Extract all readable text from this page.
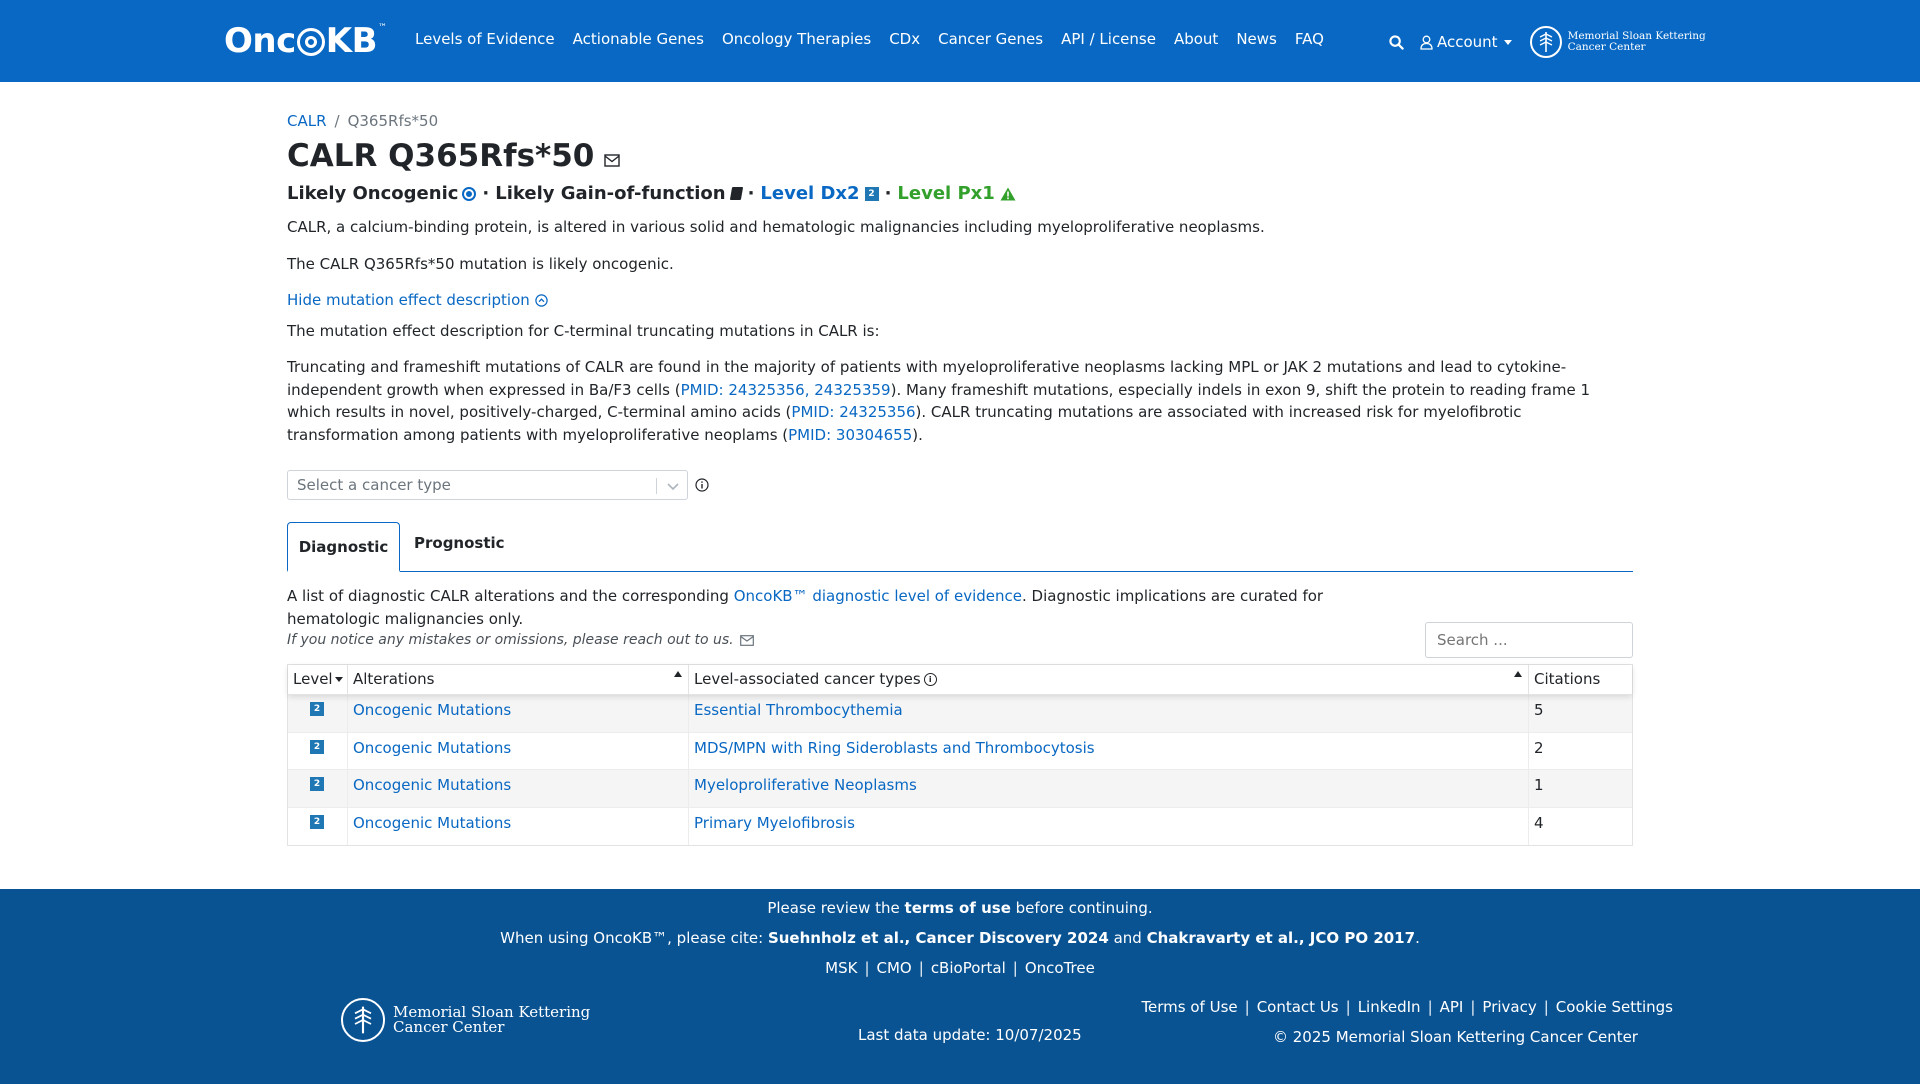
Onc KB ™
Levels of Evidence Actionable Genes Oncology Therapies CDx Cancer Genes API / License About News FAQ	Account	Memorial Sloan Kettering
Cancer Center
CALR / Q365Rfs*50
CALR Q365Rfs*50
Likely Oncogenic · Likely Gain-of-function · Level Dx2 2 · Level Px1
CALR, a calcium-binding protein, is altered in various solid and hematologic malignancies including myeloproliferative neoplasms.
The CALR Q365Rfs*50 mutation is likely oncogenic.
Hide mutation effect description
The mutation effect description for C-terminal truncating mutations in CALR is:
Truncating and frameshift mutations of CALR are found in the majority of patients with myeloproliferative neoplasms lacking MPL or JAK 2 mutations and lead to cytokine-independent growth when expressed in Ba/F3 cells (PMID: 24325356, 24325359). Many frameshift mutations, especially indels in exon 9, shift the protein to reading frame 1 which results in novel, positively-charged, C-terminal amino acids (PMID: 24325356). CALR truncating mutations are associated with increased risk for myelofibrotic transformation among patients with myeloproliferative neoplams (PMID: 30304655).
Select a cancer type
Diagnostic	Prognostic
A list of diagnostic CALR alterations and the corresponding OncoKB™ diagnostic level of evidence. Diagnostic implications are curated for hematologic malignancies only.
If you notice any mistakes or omissions, please reach out to us.
Search ...
Level	Alterations	Level-associated cancer types i	Citations
2	Oncogenic Mutations	Essential Thrombocythemia	5
2	Oncogenic Mutations	MDS/MPN with Ring Sideroblasts and Thrombocytosis	2
2	Oncogenic Mutations	Myeloproliferative Neoplasms	1
2	Oncogenic Mutations	Primary Myelofibrosis	4
Please review the terms of use before continuing.
When using OncoKB™, please cite: Suehnholz et al., Cancer Discovery 2024 and Chakravarty et al., JCO PO 2017.
MSK | CMO | cBioPortal | OncoTree
Memorial Sloan Kettering
Cancer Center	Last data update: 10/07/2025
Terms of Use | Contact Us | LinkedIn | API | Privacy | Cookie Settings
© 2025 Memorial Sloan Kettering Cancer Center
